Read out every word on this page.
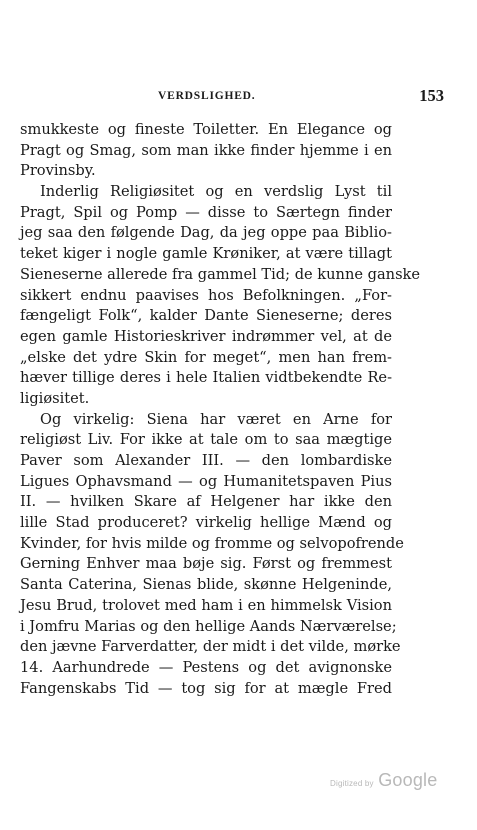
VERDSLIGHED.	153
smukkeste og fineste Toiletter. En Elegance og
Pragt og Smag, som man ikke finder hjemme i en
Provinsby.
Inderlig Religiøsitet og en verdslig Lyst til
Pragt, Spil og Pomp — disse to Særtegn finder
jeg saa den følgende Dag, da jeg oppe paa Biblio-
teket kiger i nogle gamle Krøniker, at være tillagt
Sieneserne allerede fra gammel Tid; de kunne ganske
sikkert endnu paavises hos Befolkningen. „For-
fængeligt Folk“, kalder Dante Sieneserne; deres
egen gamle Historieskriver indrømmer vel, at de
„elske det ydre Skin for meget“, men han frem-
hæver tillige deres i hele Italien vidtbekendte Re-
ligiøsitet.
Og virkelig: Siena har været en Arne for
religiøst Liv. For ikke at tale om to saa mægtige
Paver som Alexander III. — den lombardiske
Ligues Ophavsmand — og Humanitetspaven Pius
II. — hvilken Skare af Helgener har ikke den
lille Stad produceret? virkelig hellige Mænd og
Kvinder, for hvis milde og fromme og selvopofrende
Gerning Enhver maa bøje sig. Først og fremmest
Santa Caterina, Sienas blide, skønne Helgeninde,
Jesu Brud, trolovet med ham i en himmelsk Vision
i Jomfru Marias og den hellige Aands Nærværelse;
den jævne Farverdatter, der midt i det vilde, mørke
14. Aarhundrede — Pestens og det avignonske
Fangenskabs Tid — tog sig for at mægle Fred
Digitized by Google
